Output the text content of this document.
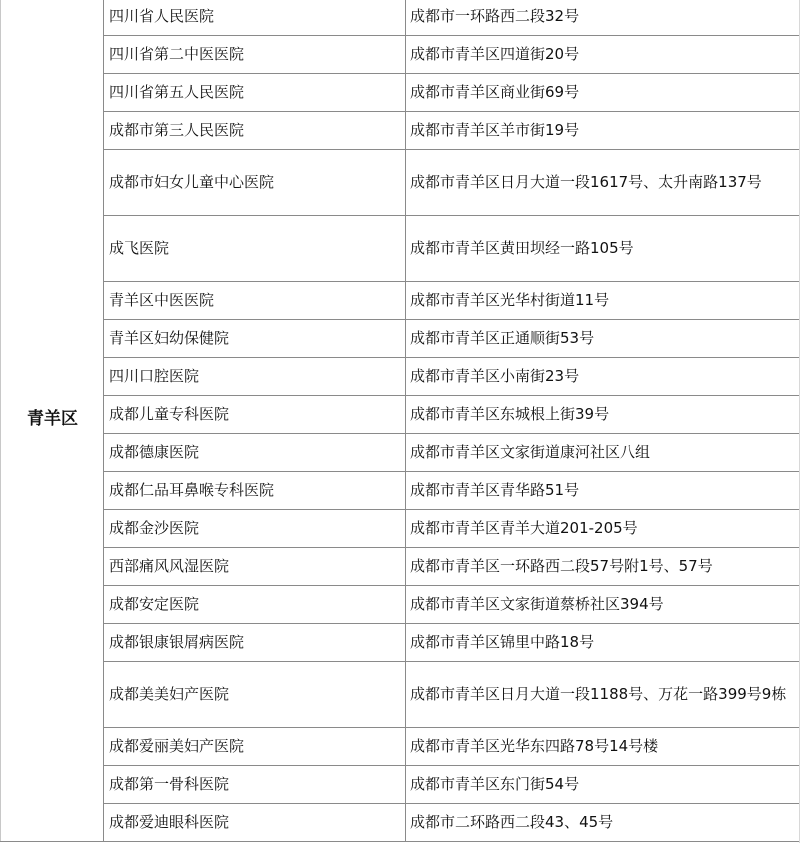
青羊区	四川省人民医院	成都市一环路西二段32号
	四川省第二中医医院	成都市青羊区四道街20号
	四川省第五人民医院	成都市青羊区商业街69号
	成都市第三人民医院	成都市青羊区羊市街19号
	成都市妇女儿童中心医院	成都市青羊区日月大道一段1617号、太升南路137号
	成飞医院	成都市青羊区黄田坝经一路105号
	青羊区中医医院	成都市青羊区光华村街道11号
	青羊区妇幼保健院	成都市青羊区正通顺街53号
	四川口腔医院	成都市青羊区小南街23号
	成都儿童专科医院	成都市青羊区东城根上街39号
	成都德康医院	成都市青羊区文家街道康河社区八组
	成都仁品耳鼻喉专科医院	成都市青羊区青华路51号
	成都金沙医院	成都市青羊区青羊大道201-205号
	西部痛风风湿医院	成都市青羊区一环路西二段57号附1号、57号
	成都安定医院	成都市青羊区文家街道蔡桥社区394号
	成都银康银屑病医院	成都市青羊区锦里中路18号
	成都美美妇产医院	成都市青羊区日月大道一段1188号、万花一路399号9栋
	成都爱丽美妇产医院	成都市青羊区光华东四路78号14号楼
	成都第一骨科医院	成都市青羊区东门街54号
	成都爱迪眼科医院	成都市二环路西二段43、45号
